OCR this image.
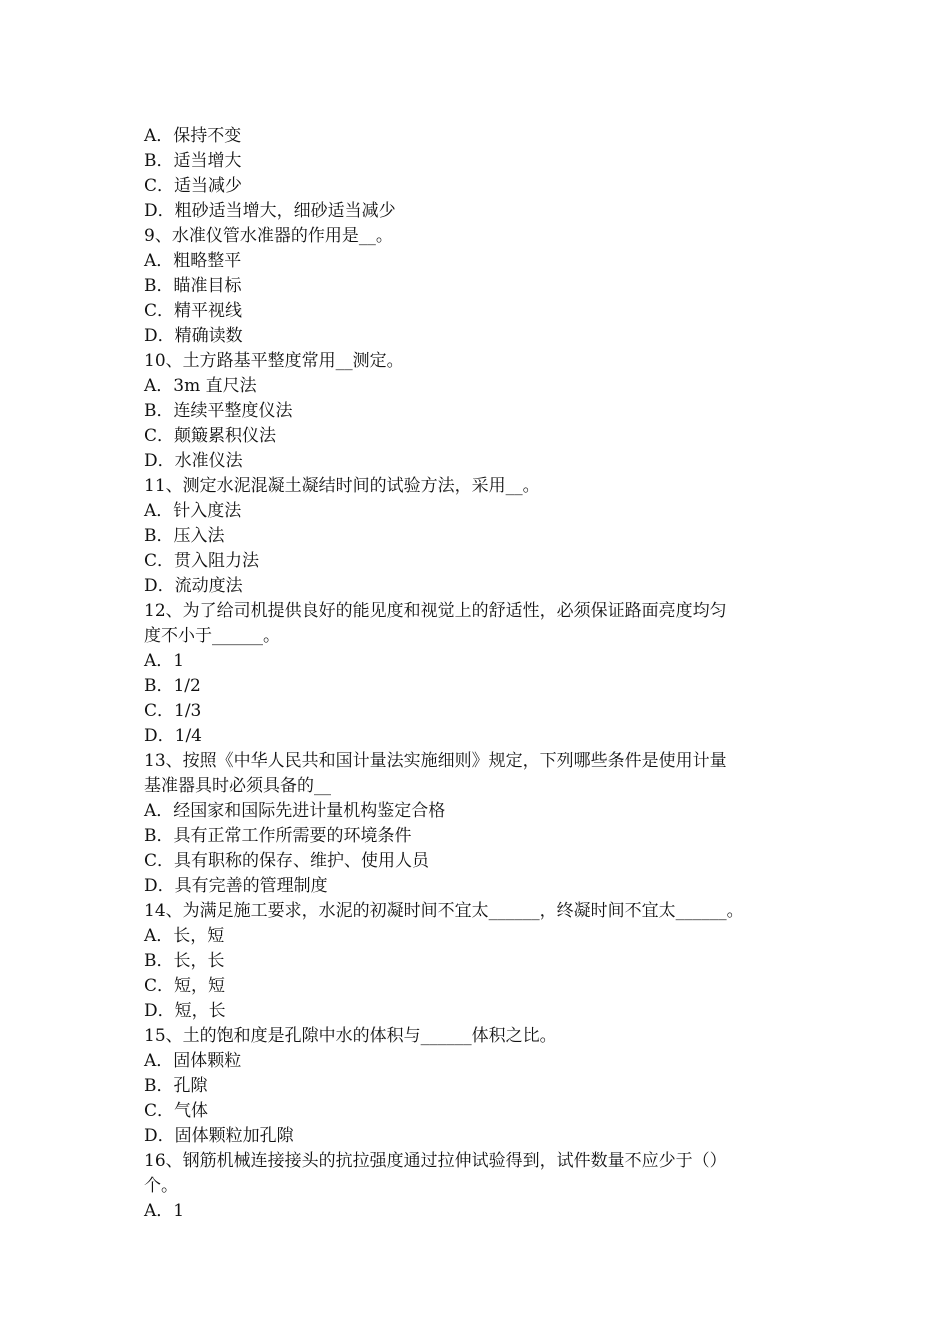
A．保持不变

B．适当增大

C．适当减少

D．粗砂适当增大，细砂适当减少

9、水准仪管水准器的作用是__。

A．粗略整平

B．瞄准目标

C．精平视线

D．精确读数

10、土方路基平整度常用__测定。

A．3m 直尺法

B．连续平整度仪法

C．颠簸累积仪法

D．水准仪法

11、测定水泥混凝土凝结时间的试验方法，采用__。

A．针入度法

B．压入法

C．贯入阻力法

D．流动度法

12、为了给司机提供良好的能见度和视觉上的舒适性，必须保证路面亮度均匀

度不小于______。

A．1

B．1/2

C．1/3

D．1/4

13、按照《中华人民共和国计量法实施细则》规定，下列哪些条件是使用计量

基准器具时必须具备的__

A．经国家和国际先进计量机构鉴定合格

B．具有正常工作所需要的环境条件

C．具有职称的保存、维护、使用人员

D．具有完善的管理制度

14、为满足施工要求，水泥的初凝时间不宜太______，终凝时间不宜太______。

A．长，短

B．长，长

C．短，短

D．短，长

15、土的饱和度是孔隙中水的体积与______体积之比。

A．固体颗粒

B．孔隙

C．气体

D．固体颗粒加孔隙

16、钢筋机械连接接头的抗拉强度通过拉伸试验得到，试件数量不应少于（）

个。

A．1
